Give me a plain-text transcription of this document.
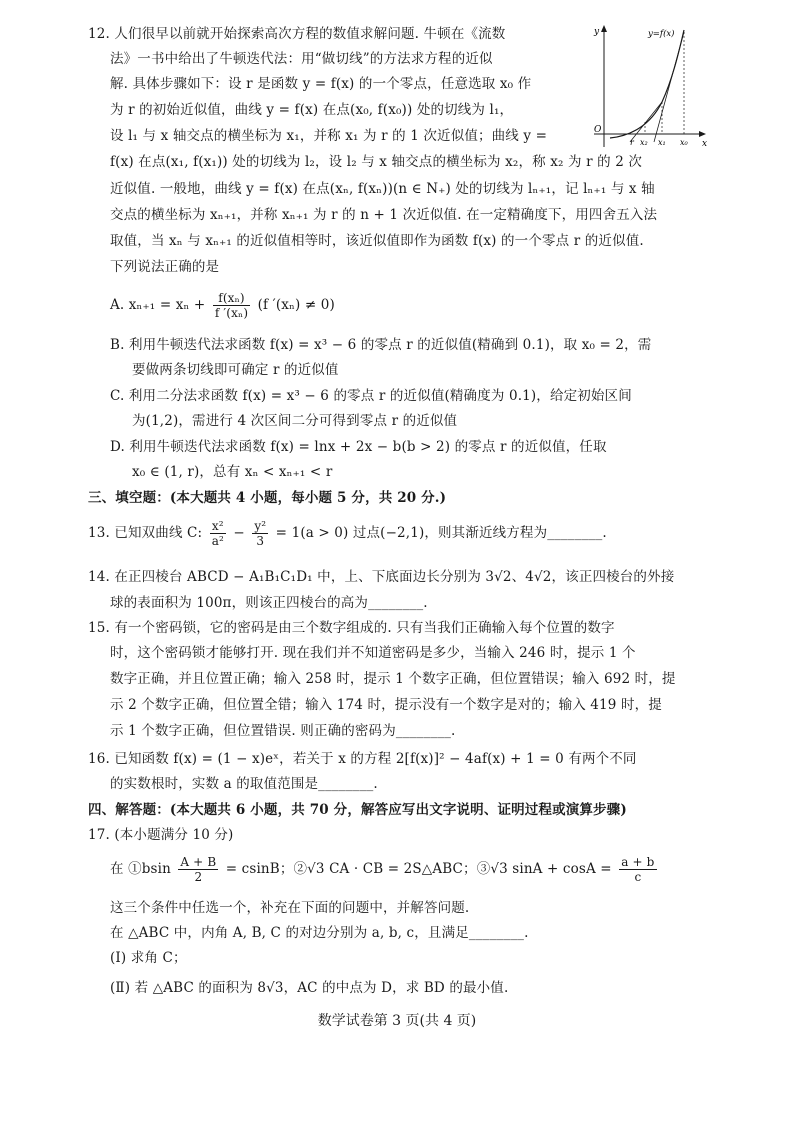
12. 人们很早以前就开始探索高次方程的数值求解问题. 牛顿在《流数
法》一书中给出了牛顿迭代法：用“做切线”的方法求方程的近似
解. 具体步骤如下：设 r 是函数 y = f(x) 的一个零点，任意选取 x₀ 作
为 r 的初始近似值，曲线 y = f(x) 在点(x₀, f(x₀)) 处的切线为 l₁，
设 l₁ 与 x 轴交点的横坐标为 x₁，并称 x₁ 为 r 的 1 次近似值；曲线 y =
f(x) 在点(x₁, f(x₁)) 处的切线为 l₂，设 l₂ 与 x 轴交点的横坐标为 x₂，称 x₂ 为 r 的 2 次
近似值. 一般地，曲线 y = f(x) 在点(xₙ, f(xₙ))(n ∈ N₊) 处的切线为 lₙ₊₁，记 lₙ₊₁ 与 x 轴
交点的横坐标为 xₙ₊₁，并称 xₙ₊₁ 为 r 的 n + 1 次近似值. 在一定精确度下，用四舍五入法
取值，当 xₙ 与 xₙ₊₁ 的近似值相等时，该近似值即作为函数 f(x) 的一个零点 r 的近似值.
下列说法正确的是
A. $x_{n+1} = x_n + \frac{\text{f(xₙ)}}{\text{f ′(xₙ)}} (f$ ′(xₙ) ≠ 0)
B. 利用牛顿迭代法求函数 f(x) = x³ − 6 的零点 r 的近似值(精确到 0.1)，取 x₀ = 2，需
要做两条切线即可确定 r 的近似值
C. 利用二分法求函数 f(x) = x³ − 6 的零点 r 的近似值(精确度为 0.1)，给定初始区间
为(1,2)，需进行 4 次区间二分可得到零点 r 的近似值
D. 利用牛顿迭代法求函数 f(x) = lnx + 2x − b(b > 2) 的零点 r 的近似值，任取
x₀ ∈ (1, r)，总有 xₙ < xₙ₊₁ < r
y	y=f(x)
O
x
r x₂ x₁ x₀
三、填空题：(本大题共 4 小题，每小题 5 分，共 20 分.)
13. 已知双曲线 C: $\frac{\text{x²}}{\text{a²}} - \frac{\text{y²}}{3} = 1(a > 0)$ 过点(−2,1)，则其渐近线方程为________.
14. 在正四棱台 ABCD − A₁B₁C₁D₁ 中，上、下底面边长分别为 3√2、4√2，该正四棱台的外接
球的表面积为 100π，则该正四棱台的高为________.
15. 有一个密码锁，它的密码是由三个数字组成的. 只有当我们正确输入每个位置的数字
时，这个密码锁才能够打开. 现在我们并不知道密码是多少，当输入 246 时，提示 1 个
数字正确，并且位置正确；输入 258 时，提示 1 个数字正确，但位置错误；输入 692 时，提
示 2 个数字正确，但位置全错；输入 174 时，提示没有一个数字是对的；输入 419 时，提
示 1 个数字正确，但位置错误. 则正确的密码为________.
16. 已知函数 f(x) = (1 − x)eˣ，若关于 x 的方程 2[f(x)]² − 4af(x) + 1 = 0 有两个不同
的实数根时，实数 a 的取值范围是________.
四、解答题：(本大题共 6 小题，共 70 分，解答应写出文字说明、证明过程或演算步骤)
17. (本小题满分 10 分)
在 ①bsin $\frac{A + B}{2} = csinB$；②√3 CA · CB = 2S△ABC；③√3 $\sin A + \cos A = \frac{a + b}{c}$
这三个条件中任选一个，补充在下面的问题中，并解答问题.
在 △ABC 中，内角 A, B, C 的对边分别为 a, b, c，且满足________.
(Ⅰ) 求角 C；
(Ⅱ) 若 △ABC 的面积为 8√3，AC 的中点为 D，求 BD 的最小值.
数学试卷第 3 页(共 4 页)
